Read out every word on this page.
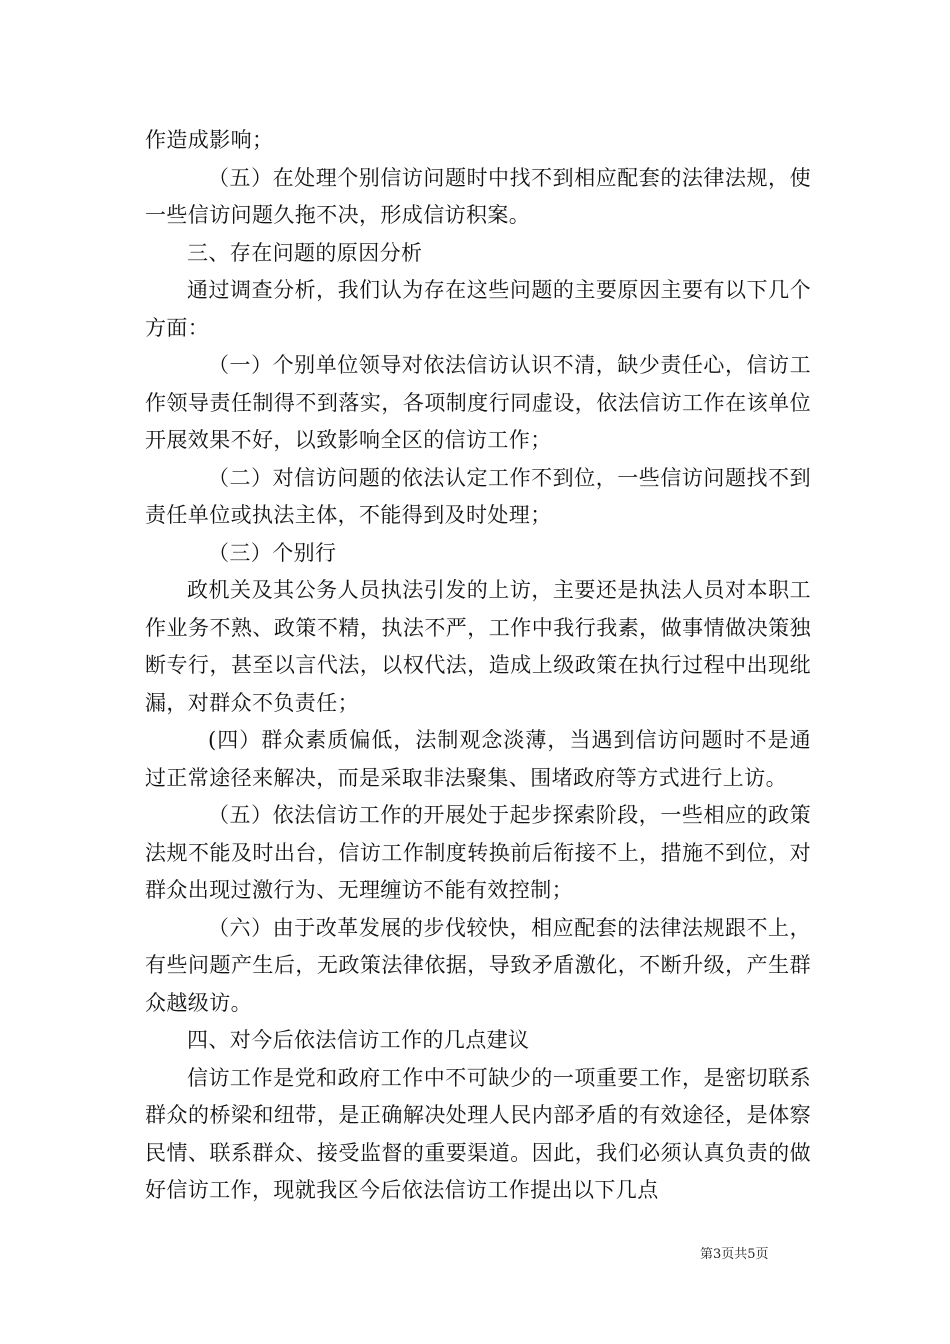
作造成影响；

（五）在处理个别信访问题时中找不到相应配套的法律法规，使一些信访问题久拖不决，形成信访积案。

三、存在问题的原因分析

通过调查分析，我们认为存在这些问题的主要原因主要有以下几个方面：

（一）个别单位领导对依法信访认识不清，缺少责任心，信访工作领导责任制得不到落实，各项制度行同虚设，依法信访工作在该单位开展效果不好，以致影响全区的信访工作；

（二）对信访问题的依法认定工作不到位，一些信访问题找不到责任单位或执法主体，不能得到及时处理；

（三）个别行

政机关及其公务人员执法引发的上访，主要还是执法人员对本职工作业务不熟、政策不精，执法不严，工作中我行我素，做事情做决策独断专行，甚至以言代法，以权代法，造成上级政策在执行过程中出现纰漏，对群众不负责任；

(四）群众素质偏低，法制观念淡薄，当遇到信访问题时不是通过正常途径来解决，而是采取非法聚集、围堵政府等方式进行上访。

（五）依法信访工作的开展处于起步探索阶段，一些相应的政策法规不能及时出台，信访工作制度转换前后衔接不上，措施不到位，对群众出现过激行为、无理缠访不能有效控制；

（六）由于改革发展的步伐较快，相应配套的法律法规跟不上，有些问题产生后，无政策法律依据，导致矛盾激化，不断升级，产生群众越级访。

四、对今后依法信访工作的几点建议

信访工作是党和政府工作中不可缺少的一项重要工作，是密切联系群众的桥梁和纽带，是正确解决处理人民内部矛盾的有效途径，是体察民情、联系群众、接受监督的重要渠道。因此，我们必须认真负责的做好信访工作，现就我区今后依法信访工作提出以下几点

第3页共5页
